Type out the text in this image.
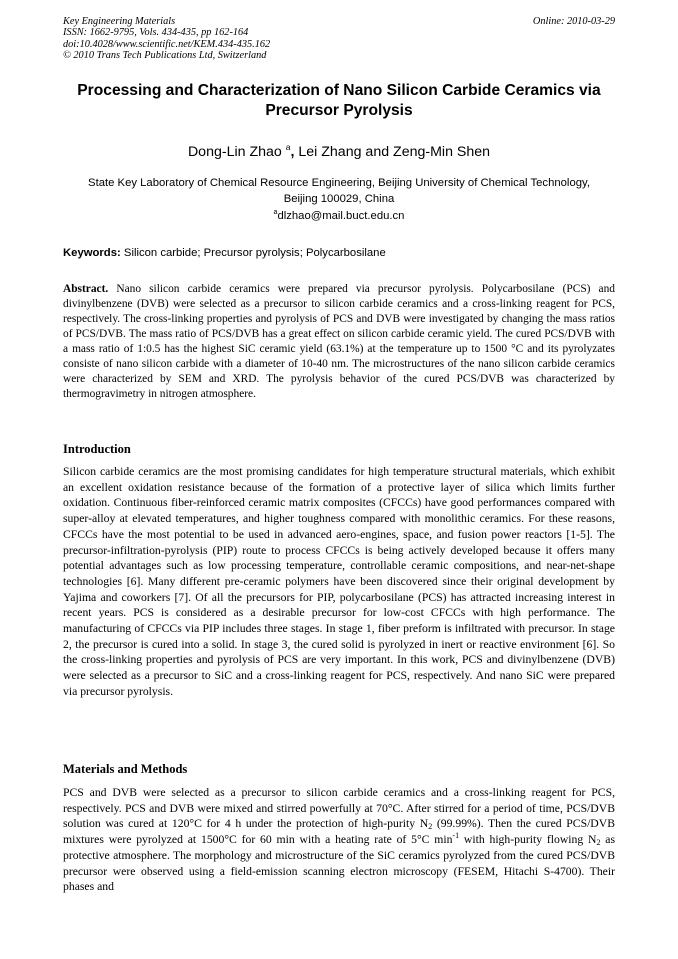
Key Engineering Materials
ISSN: 1662-9795, Vols. 434-435, pp 162-164
doi:10.4028/www.scientific.net/KEM.434-435.162
© 2010 Trans Tech Publications Ltd, Switzerland
Online: 2010-03-29
Processing and Characterization of Nano Silicon Carbide Ceramics via Precursor Pyrolysis
Dong-Lin Zhao $^a$, Lei Zhang and Zeng-Min Shen
State Key Laboratory of Chemical Resource Engineering, Beijing University of Chemical Technology, Beijing 100029, China
$^a$dlzhao@mail.buct.edu.cn
Keywords: Silicon carbide; Precursor pyrolysis; Polycarbosilane
Abstract. Nano silicon carbide ceramics were prepared via precursor pyrolysis. Polycarbosilane (PCS) and divinylbenzene (DVB) were selected as a precursor to silicon carbide ceramics and a cross-linking reagent for PCS, respectively. The cross-linking properties and pyrolysis of PCS and DVB were investigated by changing the mass ratios of PCS/DVB. The mass ratio of PCS/DVB has a great effect on silicon carbide ceramic yield. The cured PCS/DVB with a mass ratio of 1:0.5 has the highest SiC ceramic yield (63.1%) at the temperature up to 1500 °C and its pyrolyzates consiste of nano silicon carbide with a diameter of 10-40 nm. The microstructures of the nano silicon carbide ceramics were characterized by SEM and XRD. The pyrolysis behavior of the cured PCS/DVB was characterized by thermogravimetry in nitrogen atmosphere.
Introduction
Silicon carbide ceramics are the most promising candidates for high temperature structural materials, which exhibit an excellent oxidation resistance because of the formation of a protective layer of silica which limits further oxidation. Continuous fiber-reinforced ceramic matrix composites (CFCCs) have good performances compared with super-alloy at elevated temperatures, and higher toughness compared with monolithic ceramics. For these reasons, CFCCs have the most potential to be used in advanced aero-engines, space, and fusion power reactors [1-5]. The precursor-infiltration-pyrolysis (PIP) route to process CFCCs is being actively developed because it offers many potential advantages such as low processing temperature, controllable ceramic compositions, and near-net-shape technologies [6]. Many different pre-ceramic polymers have been discovered since their original development by Yajima and coworkers [7]. Of all the precursors for PIP, polycarbosilane (PCS) has attracted increasing interest in recent years. PCS is considered as a desirable precursor for low-cost CFCCs with high performance. The manufacturing of CFCCs via PIP includes three stages. In stage 1, fiber preform is infiltrated with precursor. In stage 2, the precursor is cured into a solid. In stage 3, the cured solid is pyrolyzed in inert or reactive environment [6]. So the cross-linking properties and pyrolysis of PCS are very important. In this work, PCS and divinylbenzene (DVB) were selected as a precursor to SiC and a cross-linking reagent for PCS, respectively. And nano SiC were prepared via precursor pyrolysis.
Materials and Methods
PCS and DVB were selected as a precursor to silicon carbide ceramics and a cross-linking reagent for PCS, respectively. PCS and DVB were mixed and stirred powerfully at 70°C. After stirred for a period of time, PCS/DVB solution was cured at 120°C for 4 h under the protection of high-purity $N_2$ (99.99%). Then the cured PCS/DVB mixtures were pyrolyzed at 1500°C for 60 min with a heating rate of 5°C $\min^{-1}$ with high-purity flowing $N_2$ as protective atmosphere. The morphology and microstructure of the SiC ceramics pyrolyzed from the cured PCS/DVB precursor were observed using a field-emission scanning electron microscopy (FESEM, Hitachi S-4700). Their phases and
